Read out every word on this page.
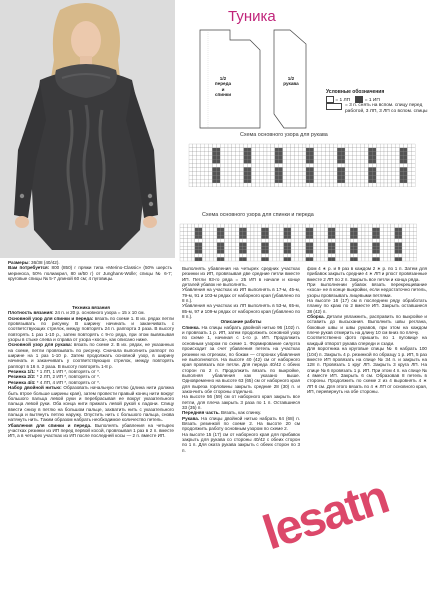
Туника
1/2
переда
и
спинки
1/2
рукава
Условные обозначения
= 1 ЛП	= 1 ИП
= 3 п. снять на вспом. спицу перед работой, 3 ЛП, 3 ЛП со вспом. спицы
Схема основного узора для рукава
Схема основного узора для спинки и переда

Размеры: 36/38 (40/42).

Вам потребуется: 800 (850) г пряжи типа «Merino-Classic» (50% шерсть мериноса, 50% полиакрил, 80 м/50 г) от Junghans-Wolle; спицы № 6-7; круговые спицы № 5-7 длиной 60 см; 4 пуговицы.

Техника вязания

Плотность вязания: 24 п. и 20 р. основного узора = 15 х 10 см.

Основной узор для спинки и переда: вязать по схеме 1. В их. рядах петли провязывать по рисунку. В ширину начинать и заканчивать с соответствующих стрелок, между повторять 24 п. раппорта 3 раза. В высоту повторять 1 раз 1-10 р., затем повторять с 9-го ряда, при этом вывязывая узоры в стыке слева и справа от узора «коса», как описано ниже.

Основной узор для рукава: вязать по схеме 2. В их. рядах, не указанных на схеме, петли провязывать по рисунку. Сначала выполнить раппорт по ширине на 1 раз 1-10 р. Затем продолжать основной узор, в ширину начинать и заканчивать у соответствующих стрелок, между повторять раппорт в 16 п. 2 раза. В высоту повторять 1-8 р.

Резинка 1/1: * 1 ЛП, 1 ИП *, повторять от *.

Резинка 2/2: * 2 ЛП, 2 ИП *, повторять от *.

Резинка 4/4: * 4 ЛП, 4 ИП *, повторять от *.

Набор двойной нитью: Образовать начальную петлю (длина нити должна быть втрое больше ширины края), затем провести правый конец нити вокруг большого пальца левой руки и перебрасывая ее вокруг указательного пальца левой руки. Оба конца нити прижать левой рукой к ладони. Спицу ввести снизу в петлю на большом пальце, захватить нить с указательного пальца и вытянуть петлю наружу. Опустить нить с большого пальца, снова натянуть нить. Таким образом набрать необходимое количество петель.

Убавления для спинки и переда. Выполнять убавления на четырех участках резинки из ИП перед первой косой, провязывая 1 раз в 2 п. вместе ИП, а в четырех участках из ИП после последней косы — 2 п. вместе ИП.

Выполнять убавления на четырех средних участках резинки из ИП, провязывая две средние петли вместе ИП. Петли 93-го ряда = 25 ИП в начале и конце деталей убавок не выполнять.

Убавления на участках из ИП выполнять в 17-м, 45-м, 79-м, 91 и 103-м рядах от наборного края (убавлено по 8 п.).

Убавления на участках из ЛП выполнять в 53-м, 65-м, 85-м, 97 и 109-м рядах от наборного края (убавлено по 8 п.).

Описание работы

Спинка. На спицы набрать двойной нитью 96 (102) п. и провязать 1 р. ИП, затем продолжить основной узор по схеме 1, начиная с 1-го р. ИП. Продолжить основным узором по схеме 1. Формирование силуэта происходит за счет убавления петель на участках резинки на отрезках, по бокам — сторонах убавления не выполняются. На высоте 40 (42) см от наборного края провязать все петли. Для переда 40/42 с обеих сторон по 2 п. Продолжить вязать по выкройке, выполняя убавления как указано выше. Одновременно на высоте 63 (65) см от наборного края для выреза горловины закрыть средние 28 (30) п. и закончить обе стороны отдельно.

На высоте 56 (59) см от наборного края закрыть все петли, для плеча закрыть 3 раза по 1 п. Оставшиеся 33 (35) п.

Передняя часть. Вязать, как спинку.

Рукава. На спицы двойной нитью набрать 64 (68) п. Вязать резинкой по схеме 2. На высоте 20 см продолжить работу основным узором по схеме 2.

На высоте 15 (17) см от наборного края для прибавок закрыть для рукава со стороны 40/42 с обеих сторон по 1 п. Для оката рукава закрыть с обеих сторон по 3 п.

фом 4 ∗ р. и 9 раз в каждом 2 ∗ р. по 1 п. Затем для прибавок закрыть средние 4 ∗ ЛП и рпост провязанные вместе 2 ЛП по 2 п. Закрыть все петли и конца ряда.

При выполнении убавок вязать перекрещивание «коса» не в конце выкройки, если недостаточно петель, узоры провязывать лицевыми петлями.

На высоте 16 (17) см в последнем ряду обработать планку по краю по 2 вместе ИП. Закрыть оставшиеся 38 (42) п.

Сборка. Детали увлажнить, расправить по выкройке и оставить до высыхания. Выполнить швы реглана, боковые швы и швы рукавов, при этом на каждом плече рукав отмерить на длину 10 см вниз по плечу.

Соответственно фото пришить по 1 пуговице на каждый отворот рукава спереди и сзади.

Для воротника на круговые спицы № 6 набрать 100 (104) п. Закрыть 4 р. резинкой по образцу 1 р. ИП, 5 раз вместе ИП провязать на спице № 34 п. и закрыть на 128 п. Провязать 1 круг ЛП. Закрыть 3 круга ЛП. На спице № 6 провязать 1 р. ИП. При этом 4 п. на спице № 4 вместе ИП. Закрыть 6 см. Образовав 8 петель в стороны. Продолжить по схеме 2 из 4 выровнять 4 ∗ ЛП 6 см. Для этого вязать по 4 ∗ ЛП от основного края, ИП, перевернуть на обе стороны.

lesatn
